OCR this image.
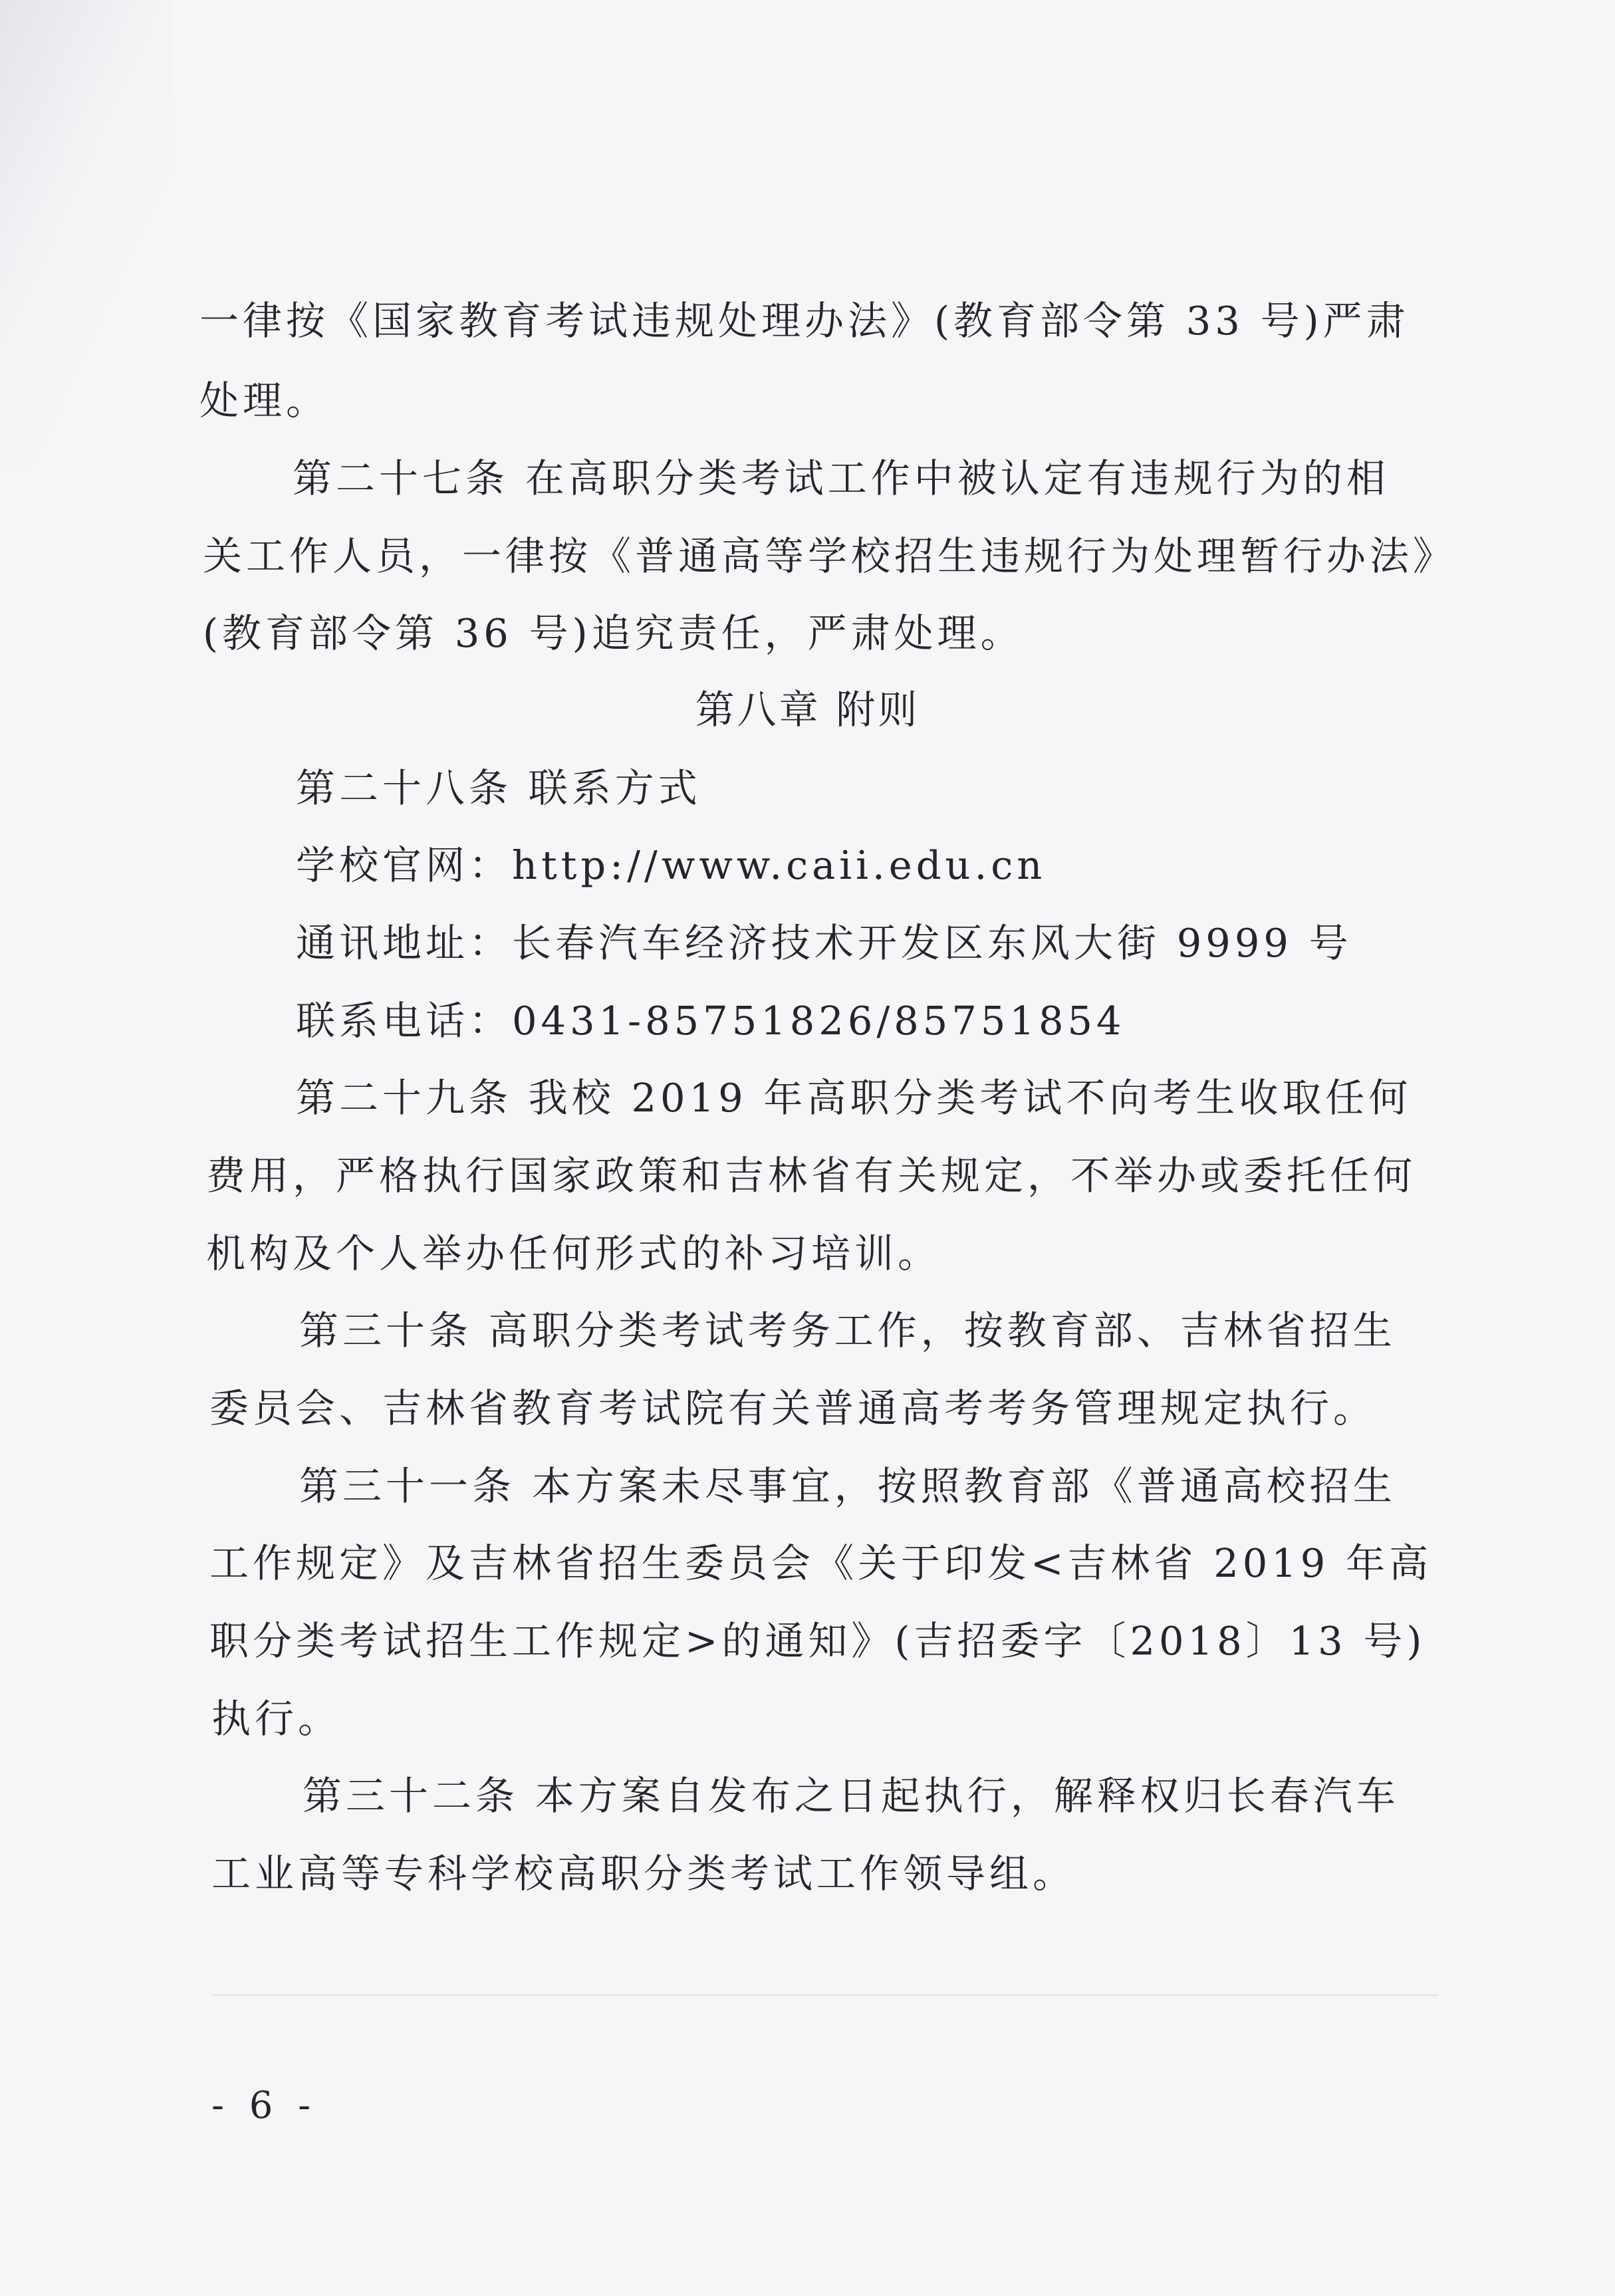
一律按《国家教育考试违规处理办法》(教育部令第 33 号)严肃
处理。
第二十七条 在高职分类考试工作中被认定有违规行为的相
关工作人员，一律按《普通高等学校招生违规行为处理暂行办法》
(教育部令第 36 号)追究责任，严肃处理。
第八章 附则
第二十八条 联系方式
学校官网：http://www.caii.edu.cn
通讯地址：长春汽车经济技术开发区东风大街 9999 号
联系电话：0431-85751826/85751854
第二十九条 我校 2019 年高职分类考试不向考生收取任何
费用，严格执行国家政策和吉林省有关规定，不举办或委托任何
机构及个人举办任何形式的补习培训。
第三十条 高职分类考试考务工作，按教育部、吉林省招生
委员会、吉林省教育考试院有关普通高考考务管理规定执行。
第三十一条 本方案未尽事宜，按照教育部《普通高校招生
工作规定》及吉林省招生委员会《关于印发<吉林省 2019 年高
职分类考试招生工作规定>的通知》(吉招委字〔2018〕13 号)
执行。
第三十二条 本方案自发布之日起执行，解释权归长春汽车
工业高等专科学校高职分类考试工作领导组。
- 6 -
